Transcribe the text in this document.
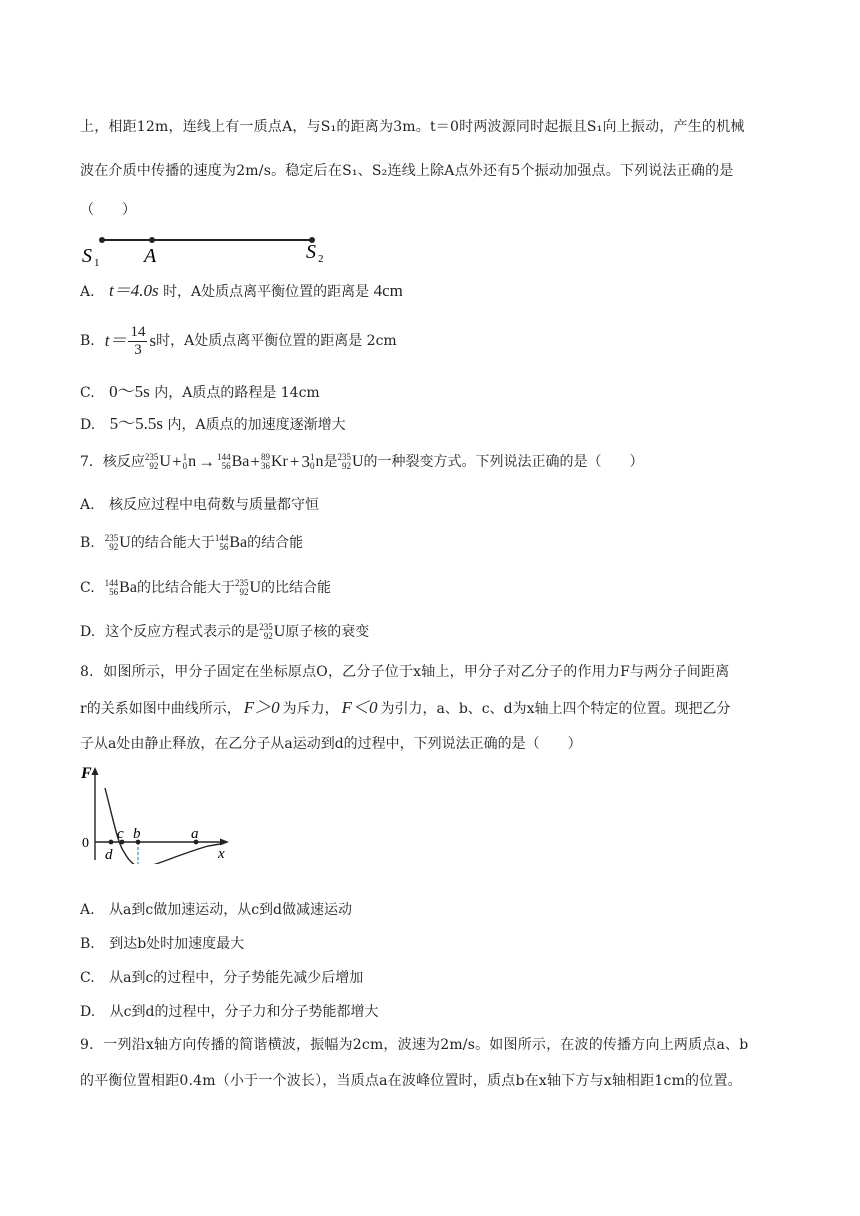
上，相距12m，连线上有一质点A，与S₁的距离为3m。t＝0时两波源同时起振且S₁向上振动，产生的机械
波在介质中传播的速度为2m/s。稳定后在S₁、S₂连线上除A点外还有5个振动加强点。下列说法正确的是
（　　）
S 1 A	S 2
A. t＝4.0s 时，A处质点离平衡位置的距离是 4cm
B. $t= \frac{14}{3}$ s 时，A处质点离平衡位置的距离是 2cm
C. 0～5s 内，A质点的路程是 14cm
D. 5～5.5s 内，A质点的加速度逐渐增大
7．核反应 235
92 U + 1
0 n → 144
56 Ba + 89
36 Kr + 3 1
0 n 是 235
92 U 的一种裂变方式。下列说法正确的是（　　）
A. 核反应过程中电荷数与质量都守恒
B. 235
92 U 的结合能大于 144
56 Ba 的结合能
C. 144
56 Ba 的比结合能大于 235
92 U 的比结合能
D. 这个反应方程式表示的是 235
92 U 原子核的衰变
8．如图所示，甲分子固定在坐标原点O，乙分子位于x轴上，甲分子对乙分子的作用力F与两分子间距离
r的关系如图中曲线所示， F＞0 为斥力， F＜0 为引力，a、b、c、d为x轴上四个特定的位置。现把乙分
子从a处由静止释放，在乙分子从a运动到d的过程中，下列说法正确的是（　　）
F
0
c b	a
d	x
A. 从a到c做加速运动，从c到d做减速运动
B. 到达b处时加速度最大
C. 从a到c的过程中，分子势能先减少后增加
D. 从c到d的过程中，分子力和分子势能都增大
9．一列沿x轴方向传播的简谐横波，振幅为2cm，波速为2m/s。如图所示，在波的传播方向上两质点a、b
的平衡位置相距0.4m（小于一个波长），当质点a在波峰位置时，质点b在x轴下方与x轴相距1cm的位置。
